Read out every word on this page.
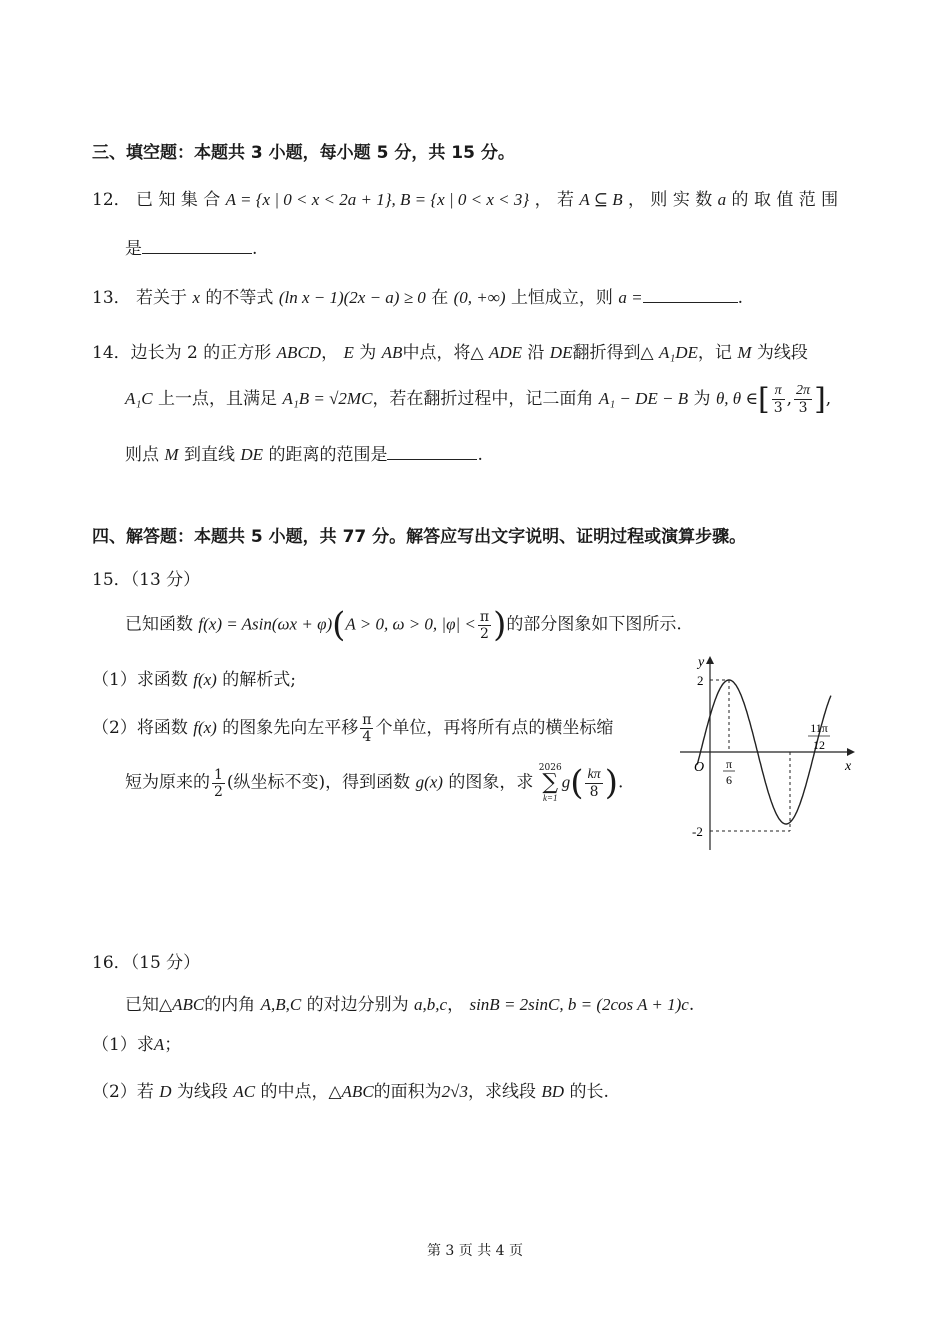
三、填空题：本题共 3 小题，每小题 5 分，共 15 分。
12． 已 知 集 合 A = {x | 0 < x < 2a + 1}, B = {x | 0 < x < 3} ， 若 A ⊆ B ， 则 实 数 a 的 取 值 范 围
是	.
13． 若关于 x 的不等式 (ln x − 1)(2x − a) ≥ 0 在 (0, +∞) 上恒成立，则 a =	.
14．边长为 2 的正方形 ABCD， E 为 AB中点，将△ ADE 沿 DE翻折得到△ A₁DE，记 M 为线段
A₁C 上一点，且满足 A₁B = √2MC，若在翻折过程中，记二面角 A₁ − DE − B 为 θ, θ ∈[ $\frac{\pi}{3}$ , $\frac{2\pi}{3}$ ],
则点 M 到直线 DE 的距离的范围是	.
四、解答题：本题共 5 小题，共 77 分。解答应写出文字说明、证明过程或演算步骤。
15．（13 分）
已知函数 f(x) = Asin(ωx + φ)(A > 0, ω > 0, $|\varphi| < \frac{\pi}{2}$ )的部分图象如下图所示.
（1）求函数 f(x) 的解析式;
（2）将函数 f(x) 的图象先向左平移 $\frac{\pi}{4}$ 个单位，再将所有点的横坐标缩
短为原来的 $\frac{1}{2}$ (纵坐标不变)，得到函数 g(x) 的图象，求
2026
∑
k=1
$g( \frac{k\pi}{8}$ ).
y
x
O
2
-2
π
6
11π
12
16．（15 分）
已知△ABC的内角 A,B,C 的对边分别为 a,b,c， sinB = 2sinC, b = (2cos A + 1)c.
（1）求A；
（2）若 D 为线段 AC 的中点，△ABC的面积为2√3，求线段 BD 的长.
第 3 页 共 4 页
